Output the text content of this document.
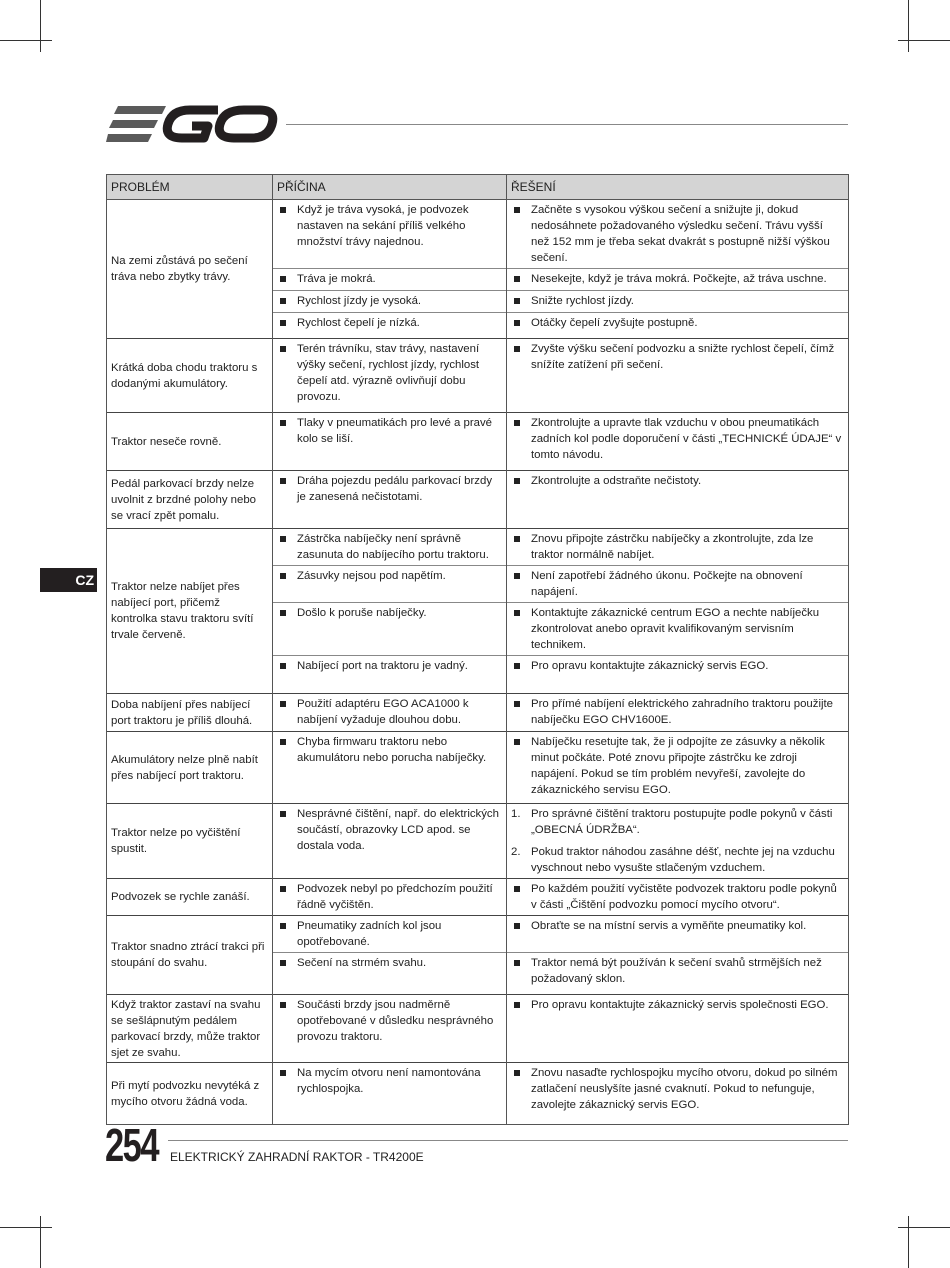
CZ
PROBLÉM	PŘÍČINA	ŘEŠENÍ
Na zemi zůstává po sečení tráva nebo zbytky trávy.	Když je tráva vysoká, je podvozek nastaven na sekání příliš velkého množství trávy najednou.	Začněte s vysokou výškou sečení a snižujte ji, dokud nedosáhnete požadovaného výsledku sečení. Trávu vyšší než 152 mm je třeba sekat dvakrát s postupně nižší výškou sečení.

Tráva je mokrá.	Nesekejte, když je tráva mokrá. Počkejte, až tráva uschne.

Rychlost jízdy je vysoká.	Snižte rychlost jízdy.

Rychlost čepelí je nízká.	Otáčky čepelí zvyšujte postupně.

Krátká doba chodu traktoru s dodanými akumulátory.	Terén trávníku, stav trávy, nastavení výšky sečení, rychlost jízdy, rychlost čepelí atd. výrazně ovlivňují dobu provozu.	Zvyšte výšku sečení podvozku a snižte rychlost čepelí, čímž snížíte zatížení při sečení.

Traktor neseče rovně.	Tlaky v pneumatikách pro levé a pravé kolo se liší.	Zkontrolujte a upravte tlak vzduchu v obou pneumatikách zadních kol podle doporučení v části „TECHNICKÉ ÚDAJE“ v tomto návodu.

Pedál parkovací brzdy nelze uvolnit z brzdné polohy nebo se vrací zpět pomalu.	Dráha pojezdu pedálu parkovací brzdy je zanesená nečistotami.	Zkontrolujte a odstraňte nečistoty.

Traktor nelze nabíjet přes nabíjecí port, přičemž kontrolka stavu traktoru svítí trvale červeně.	Zástrčka nabíječky není správně zasunuta do nabíjecího portu traktoru.	Znovu připojte zástrčku nabíječky a zkontrolujte, zda lze traktor normálně nabíjet.

Zásuvky nejsou pod napětím.	Není zapotřebí žádného úkonu. Počkejte na obnovení napájení.

Došlo k poruše nabíječky.	Kontaktujte zákaznické centrum EGO a nechte nabíječku zkontrolovat anebo opravit kvalifikovaným servisním technikem.

Nabíjecí port na traktoru je vadný.	Pro opravu kontaktujte zákaznický servis EGO.

Doba nabíjení přes nabíjecí port traktoru je příliš dlouhá.	Použití adaptéru EGO ACA1000 k nabíjení vyžaduje dlouhou dobu.	Pro přímé nabíjení elektrického zahradního traktoru použijte nabíječku EGO CHV1600E.

Akumulátory nelze plně nabít přes nabíjecí port traktoru.	Chyba firmwaru traktoru nebo akumulátoru nebo porucha nabíječky.	Nabíječku resetujte tak, že ji odpojíte ze zásuvky a několik minut počkáte. Poté znovu připojte zástrčku ke zdroji napájení. Pokud se tím problém nevyřeší, zavolejte do zákaznického servisu EGO.

Traktor nelze po vyčištění spustit.	Nesprávné čištění, např. do elektrických součástí, obrazovky LCD apod. se dostala voda.	1. Pro správné čištění traktoru postupujte podle pokynů v části „OBECNÁ ÚDRŽBA“.
2. Pokud traktor náhodou zasáhne déšť, nechte jej na vzduchu vyschnout nebo vysušte stlačeným vzduchem.

Podvozek se rychle zanáší.	Podvozek nebyl po předchozím použití řádně vyčištěn.	Po každém použití vyčistěte podvozek traktoru podle pokynů v části „Čištění podvozku pomocí mycího otvoru“.

Traktor snadno ztrácí trakci při stoupání do svahu.	Pneumatiky zadních kol jsou opotřebované.	Obraťte se na místní servis a vyměňte pneumatiky kol.

Sečení na strmém svahu.	Traktor nemá být používán k sečení svahů strmějších než požadovaný sklon.

Když traktor zastaví na svahu se sešlápnutým pedálem parkovací brzdy, může traktor sjet ze svahu.	Součásti brzdy jsou nadměrně opotřebované v důsledku nesprávného provozu traktoru.	Pro opravu kontaktujte zákaznický servis společnosti EGO.

Při mytí podvozku nevytéká z mycího otvoru žádná voda.	Na mycím otvoru není namontována rychlospojka.	Znovu nasaďte rychlospojku mycího otvoru, dokud po silném zatlačení neuslyšíte jasné cvaknutí. Pokud to nefunguje, zavolejte zákaznický servis EGO.
254 ELEKTRICKÝ ZAHRADNÍ RAKTOR - TR4200E
